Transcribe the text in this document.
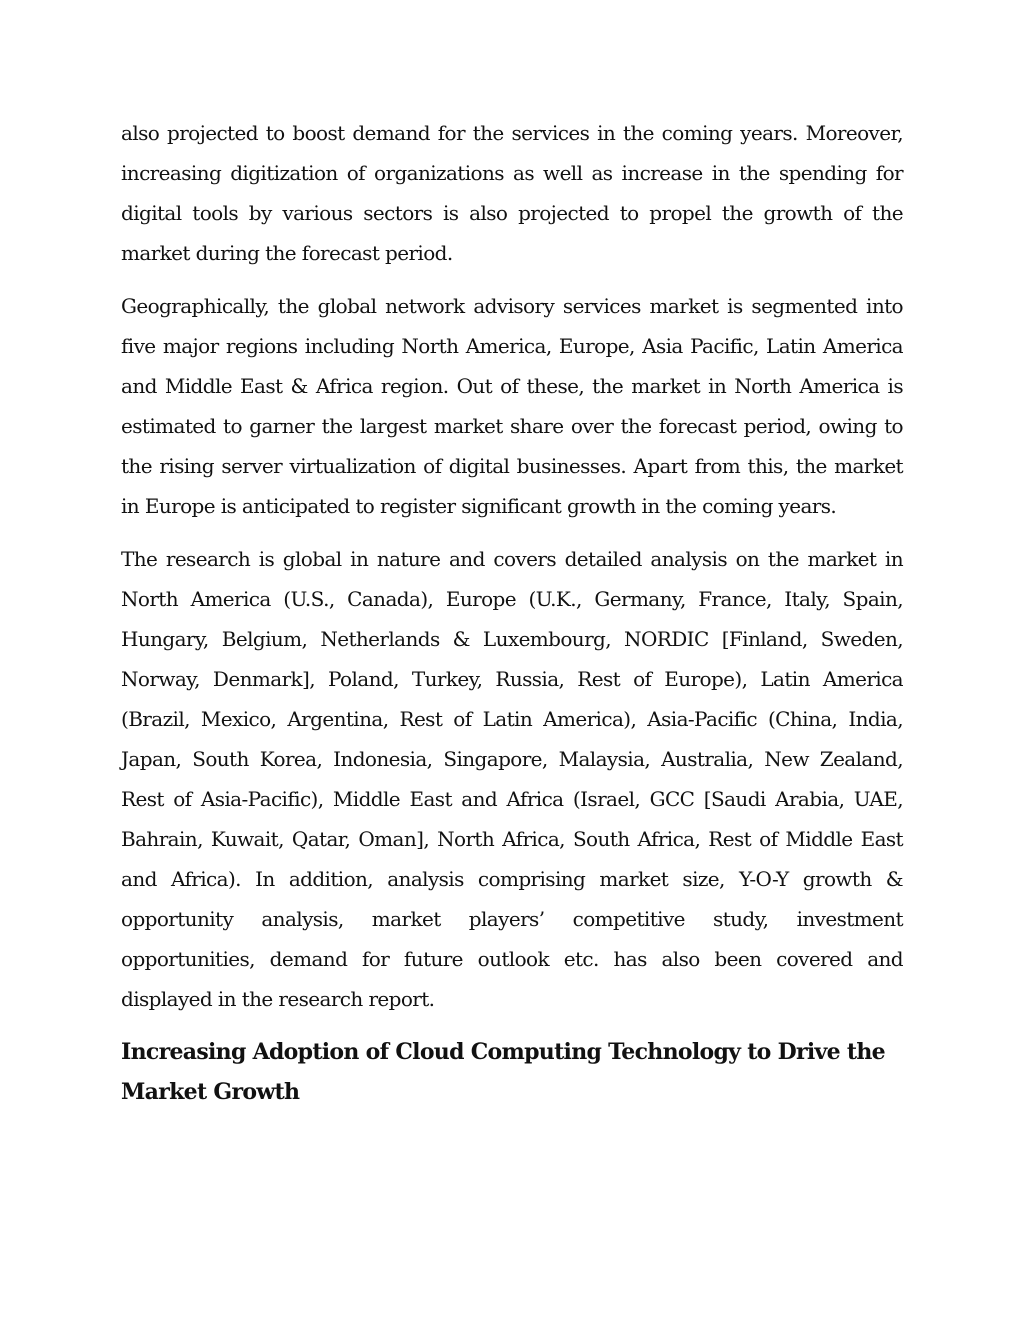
also projected to boost demand for the services in the coming years. Moreover, increasing digitization of organizations as well as increase in the spending for digital tools by various sectors is also projected to propel the growth of the market during the forecast period.

Geographically, the global network advisory services market is segmented into five major regions including North America, Europe, Asia Pacific, Latin America and Middle East & Africa region. Out of these, the market in North America is estimated to garner the largest market share over the forecast period, owing to the rising server virtualization of digital businesses. Apart from this, the market in Europe is anticipated to register significant growth in the coming years.

The research is global in nature and covers detailed analysis on the market in North America (U.S., Canada), Europe (U.K., Germany, France, Italy, Spain, Hungary, Belgium, Netherlands & Luxembourg, NORDIC [Finland, Sweden, Norway, Denmark], Poland, Turkey, Russia, Rest of Europe), Latin America (Brazil, Mexico, Argentina, Rest of Latin America), Asia-Pacific (China, India, Japan, South Korea, Indonesia, Singapore, Malaysia, Australia, New Zealand, Rest of Asia-Pacific), Middle East and Africa (Israel, GCC [Saudi Arabia, UAE, Bahrain, Kuwait, Qatar, Oman], North Africa, South Africa, Rest of Middle East and Africa). In addition, analysis comprising market size, Y-O-Y growth & opportunity analysis, market players’ competitive study, investment opportunities, demand for future outlook etc. has also been covered and displayed in the research report.

Increasing Adoption of Cloud Computing Technology to Drive the Market Growth
